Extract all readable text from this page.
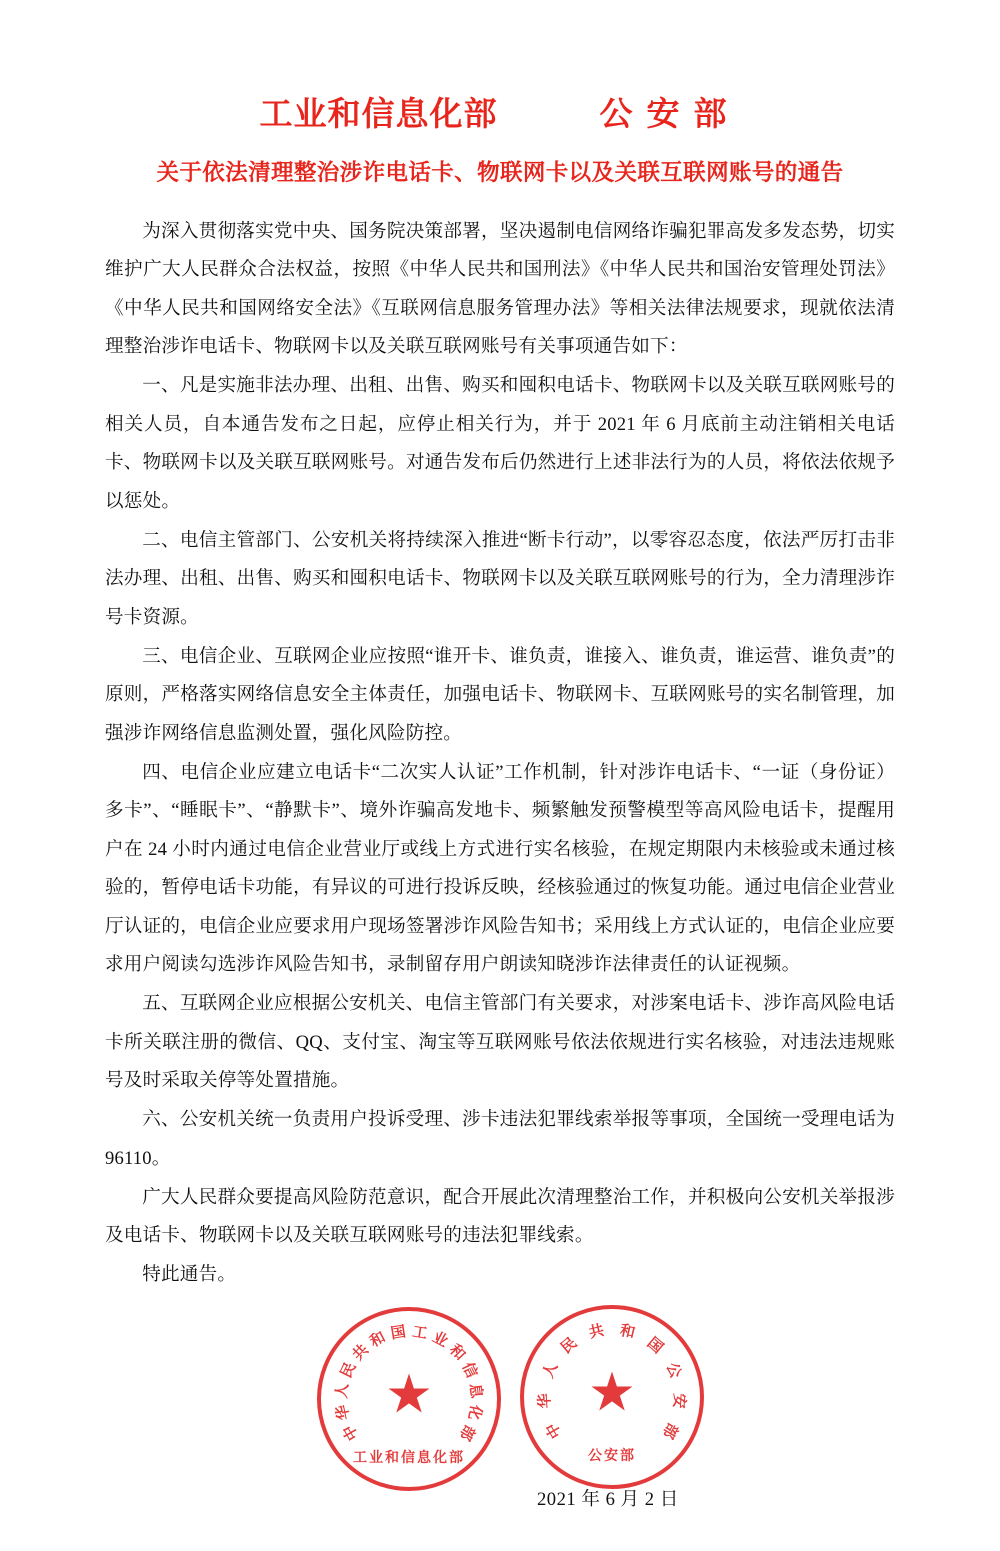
工业和信息化部	公安部
关于依法清理整治涉诈电话卡、物联网卡以及关联互联网账号的通告

为深入贯彻落实党中央、国务院决策部署，坚决遏制电信网络诈骗犯罪高发多发态势，切实维护广大人民群众合法权益，按照《中华人民共和国刑法》《中华人民共和国治安管理处罚法》《中华人民共和国网络安全法》《互联网信息服务管理办法》等相关法律法规要求，现就依法清理整治涉诈电话卡、物联网卡以及关联互联网账号有关事项通告如下：

一、凡是实施非法办理、出租、出售、购买和囤积电话卡、物联网卡以及关联互联网账号的相关人员，自本通告发布之日起，应停止相关行为，并于 2021 年 6 月底前主动注销相关电话卡、物联网卡以及关联互联网账号。对通告发布后仍然进行上述非法行为的人员，将依法依规予以惩处。

二、电信主管部门、公安机关将持续深入推进“断卡行动”，以零容忍态度，依法严厉打击非法办理、出租、出售、购买和囤积电话卡、物联网卡以及关联互联网账号的行为，全力清理涉诈号卡资源。

三、电信企业、互联网企业应按照“谁开卡、谁负责，谁接入、谁负责，谁运营、谁负责”的原则，严格落实网络信息安全主体责任，加强电话卡、物联网卡、互联网账号的实名制管理，加强涉诈网络信息监测处置，强化风险防控。

四、电信企业应建立电话卡“二次实人认证”工作机制，针对涉诈电话卡、“一证（身份证）多卡”、“睡眠卡”、“静默卡”、境外诈骗高发地卡、频繁触发预警模型等高风险电话卡，提醒用户在 24 小时内通过电信企业营业厅或线上方式进行实名核验，在规定期限内未核验或未通过核验的，暂停电话卡功能，有异议的可进行投诉反映，经核验通过的恢复功能。通过电信企业营业厅认证的，电信企业应要求用户现场签署涉诈风险告知书；采用线上方式认证的，电信企业应要求用户阅读勾选涉诈风险告知书，录制留存用户朗读知晓涉诈法律责任的认证视频。

五、互联网企业应根据公安机关、电信主管部门有关要求，对涉案电话卡、涉诈高风险电话卡所关联注册的微信、QQ、支付宝、淘宝等互联网账号依法依规进行实名核验，对违法违规账号及时采取关停等处置措施。

六、公安机关统一负责用户投诉受理、涉卡违法犯罪线索举报等事项，全国统一受理电话为 96110。

广大人民群众要提高风险防范意识，配合开展此次清理整治工作，并积极向公安机关举报涉及电话卡、物联网卡以及关联互联网账号的违法犯罪线索。

特此通告。

中
华
人
民
共
和 国 工 业
和
信
息
化
部
★
工业和信息化部
中
华
人
民
共 和
国
公
安
部
★
公安部
2021 年 6 月 2 日
